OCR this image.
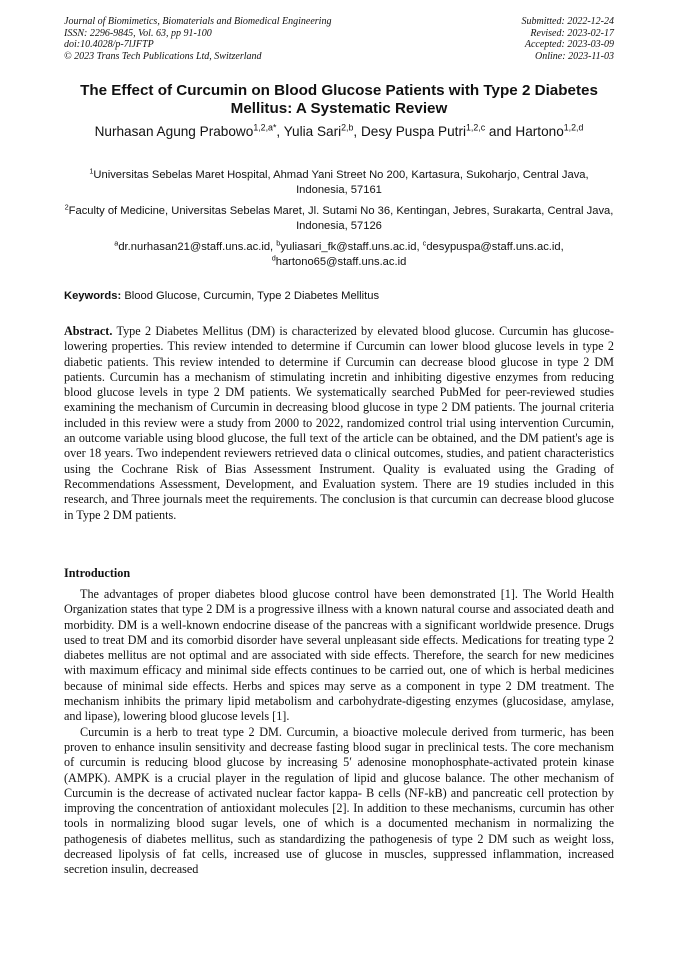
Journal of Biomimetics, Biomaterials and Biomedical Engineering
ISSN: 2296-9845, Vol. 63, pp 91-100
doi:10.4028/p-7lJFTP
© 2023 Trans Tech Publications Ltd, Switzerland
Submitted: 2022-12-24
Revised: 2023-02-17
Accepted: 2023-03-09
Online: 2023-11-03
The Effect of Curcumin on Blood Glucose Patients with Type 2 Diabetes Mellitus: A Systematic Review
Nurhasan Agung Prabowo$^{1,2,a*}$, Yulia Sari$^{2,b}$, Desy Puspa Putri$^{1,2,c}$ and Hartono$^{1,2,d}$
$^1$Universitas Sebelas Maret Hospital, Ahmad Yani Street No 200, Kartasura, Sukoharjo, Central Java, Indonesia, 57161
$^2$Faculty of Medicine, Universitas Sebelas Maret, Jl. Sutami No 36, Kentingan, Jebres, Surakarta, Central Java, Indonesia, 57126
$^a$dr.nurhasan21@staff.uns.ac.id, $^b$yuliasari_fk@staff.uns.ac.id, $^c$desypuspa@staff.uns.ac.id,
$^d$hartono65@staff.uns.ac.id
Keywords: Blood Glucose, Curcumin, Type 2 Diabetes Mellitus

Abstract. Type 2 Diabetes Mellitus (DM) is characterized by elevated blood glucose. Curcumin has glucose-lowering properties. This review intended to determine if Curcumin can lower blood glucose levels in type 2 diabetic patients. This review intended to determine if Curcumin can decrease blood glucose in type 2 DM patients. Curcumin has a mechanism of stimulating incretin and inhibiting digestive enzymes from reducing blood glucose levels in type 2 DM patients. We systematically searched PubMed for peer-reviewed studies examining the mechanism of Curcumin in decreasing blood glucose in type 2 DM patients. The journal criteria included in this review were a study from 2000 to 2022, randomized control trial using intervention Curcumin, an outcome variable using blood glucose, the full text of the article can be obtained, and the DM patient's age is over 18 years. Two independent reviewers retrieved data o clinical outcomes, studies, and patient characteristics using the Cochrane Risk of Bias Assessment Instrument. Quality is evaluated using the Grading of Recommendations Assessment, Development, and Evaluation system. There are 19 studies included in this research, and Three journals meet the requirements. The conclusion is that curcumin can decrease blood glucose in Type 2 DM patients.

Introduction

The advantages of proper diabetes blood glucose control have been demonstrated [1]. The World Health Organization states that type 2 DM is a progressive illness with a known natural course and associated death and morbidity. DM is a well-known endocrine disease of the pancreas with a significant worldwide presence. Drugs used to treat DM and its comorbid disorder have several unpleasant side effects. Medications for treating type 2 diabetes mellitus are not optimal and are associated with side effects. Therefore, the search for new medicines with maximum efficacy and minimal side effects continues to be carried out, one of which is herbal medicines because of minimal side effects. Herbs and spices may serve as a component in type 2 DM treatment. The mechanism inhibits the primary lipid metabolism and carbohydrate-digesting enzymes (glucosidase, amylase, and lipase), lowering blood glucose levels [1].

Curcumin is a herb to treat type 2 DM. Curcumin, a bioactive molecule derived from turmeric, has been proven to enhance insulin sensitivity and decrease fasting blood sugar in preclinical tests. The core mechanism of curcumin is reducing blood glucose by increasing 5′ adenosine monophosphate-activated protein kinase (AMPK). AMPK is a crucial player in the regulation of lipid and glucose balance. The other mechanism of Curcumin is the decrease of activated nuclear factor kappa- B cells (NF-kB) and pancreatic cell protection by improving the concentration of antioxidant molecules [2]. In addition to these mechanisms, curcumin has other tools in normalizing blood sugar levels, one of which is a documented mechanism in normalizing the pathogenesis of diabetes mellitus, such as standardizing the pathogenesis of type 2 DM such as weight loss, decreased lipolysis of fat cells, increased use of glucose in muscles, suppressed inflammation, increased secretion insulin, decreased
